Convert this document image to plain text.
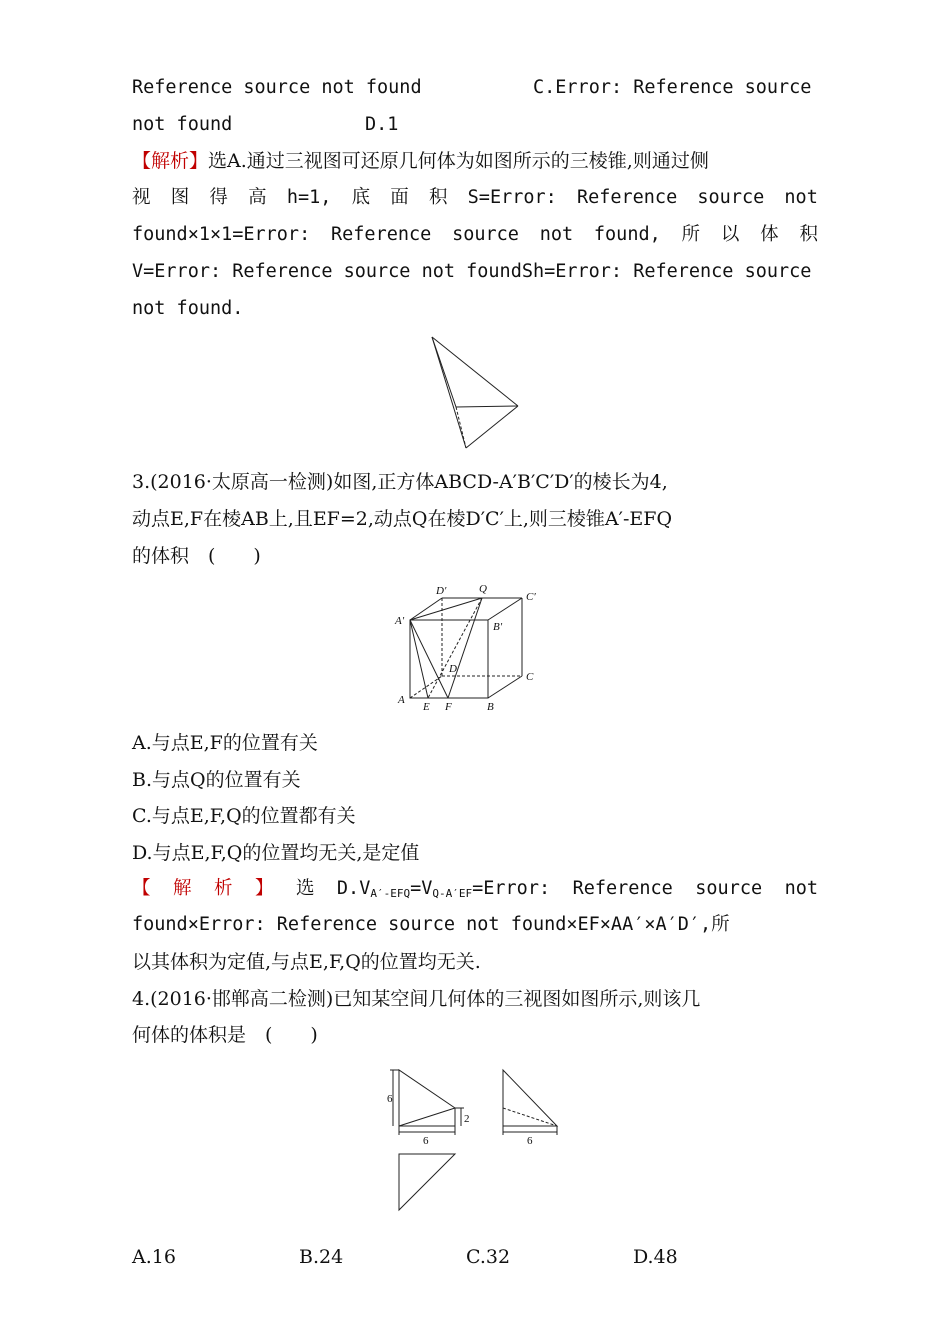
Reference source not found	C.Error: Reference source
not found	D.1
【解析】选A.通过三视图可还原几何体为如图所示的三棱锥,则通过侧
视 图 得 高 h=1, 底 面 积 S=Error: Reference source not
found×1×1=Error: Reference source not found, 所 以 体 积
V=Error: Reference source not foundSh=Error: Reference source
not found.
3.(2016·太原高一检测)如图,正方体ABCD-A′B′C′D′的棱长为4,
动点E,F在棱AB上,且EF=2,动点Q在棱D′C′上,则三棱锥A′-EFQ
的体积　(　　)
D′	Q
C′
A′	B′
D
C
A
E F	B
A.与点E,F的位置有关
B.与点Q的位置有关
C.与点E,F,Q的位置都有关
D.与点E,F,Q的位置均无关,是定值
【 解 析 】 选 $D.V_{A'-EFQ}=V_{Q-A'EF}=Error$: Reference source not
found×Error: Reference source not found×EF×AA′×A′D′,所
以其体积为定值,与点E,F,Q的位置均无关.
4.(2016·邯郸高二检测)已知某空间几何体的三视图如图所示,则该几
何体的体积是　(　　)
6
2
6	6
A.16	B.24	C.32	D.48
